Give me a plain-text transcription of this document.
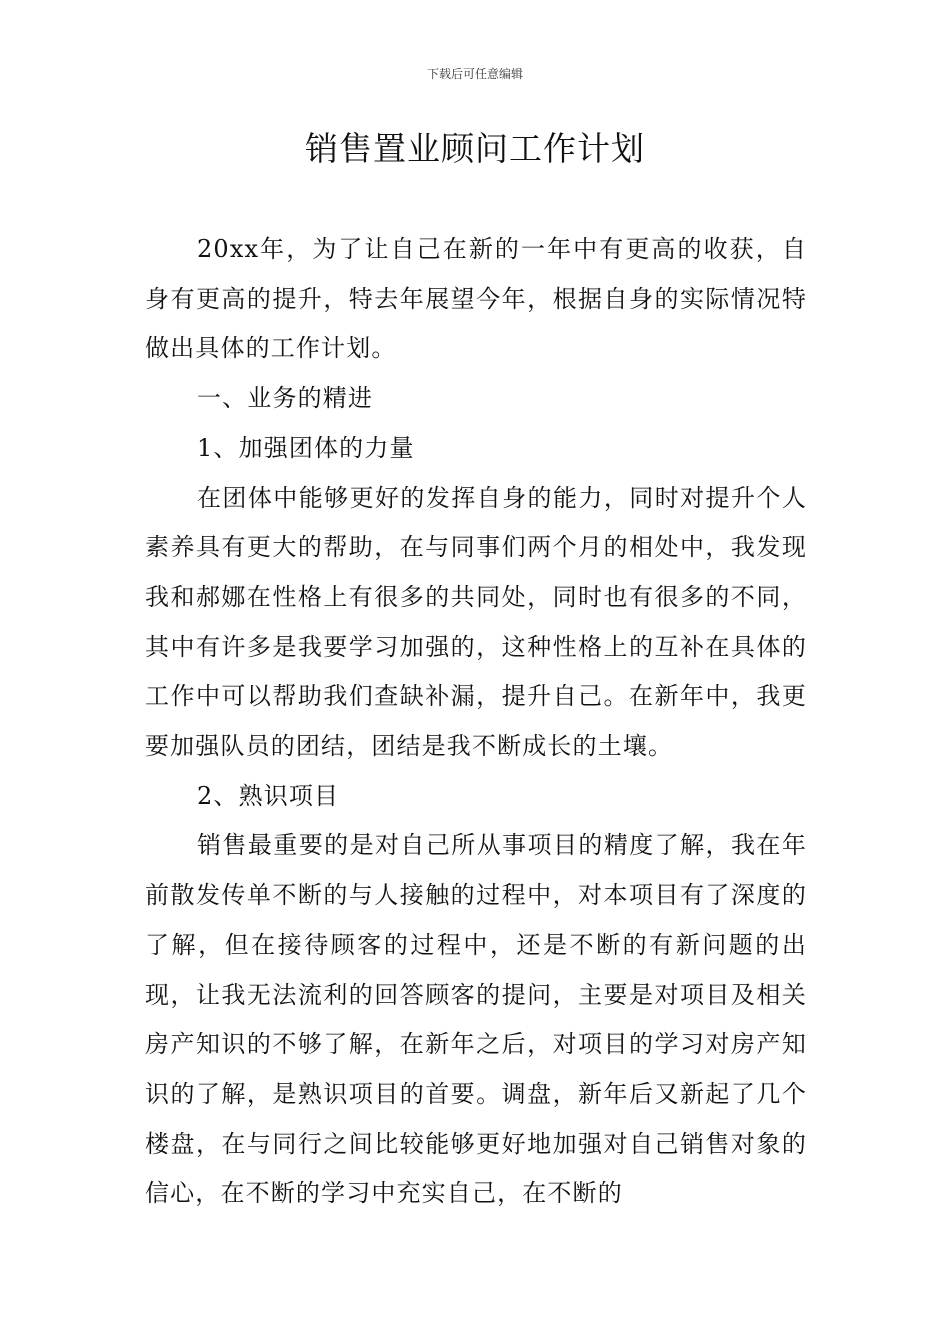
下载后可任意编辑
销售置业顾问工作计划

20xx年，为了让自己在新的一年中有更高的收获，自身有更高的提升，特去年展望今年，根据自身的实际情况特做出具体的工作计划。

一、业务的精进

1、加强团体的力量

在团体中能够更好的发挥自身的能力，同时对提升个人素养具有更大的帮助，在与同事们两个月的相处中，我发现我和郝娜在性格上有很多的共同处，同时也有很多的不同，其中有许多是我要学习加强的，这种性格上的互补在具体的工作中可以帮助我们查缺补漏，提升自己。在新年中，我更要加强队员的团结，团结是我不断成长的土壤。

2、熟识项目

销售最重要的是对自己所从事项目的精度了解，我在年前散发传单不断的与人接触的过程中，对本项目有了深度的了解，但在接待顾客的过程中，还是不断的有新问题的出现，让我无法流利的回答顾客的提问，主要是对项目及相关房产知识的不够了解，在新年之后，对项目的学习对房产知识的了解，是熟识项目的首要。调盘，新年后又新起了几个楼盘，在与同行之间比较能够更好地加强对自己销售对象的信心，在不断的学习中充实自己，在不断的
